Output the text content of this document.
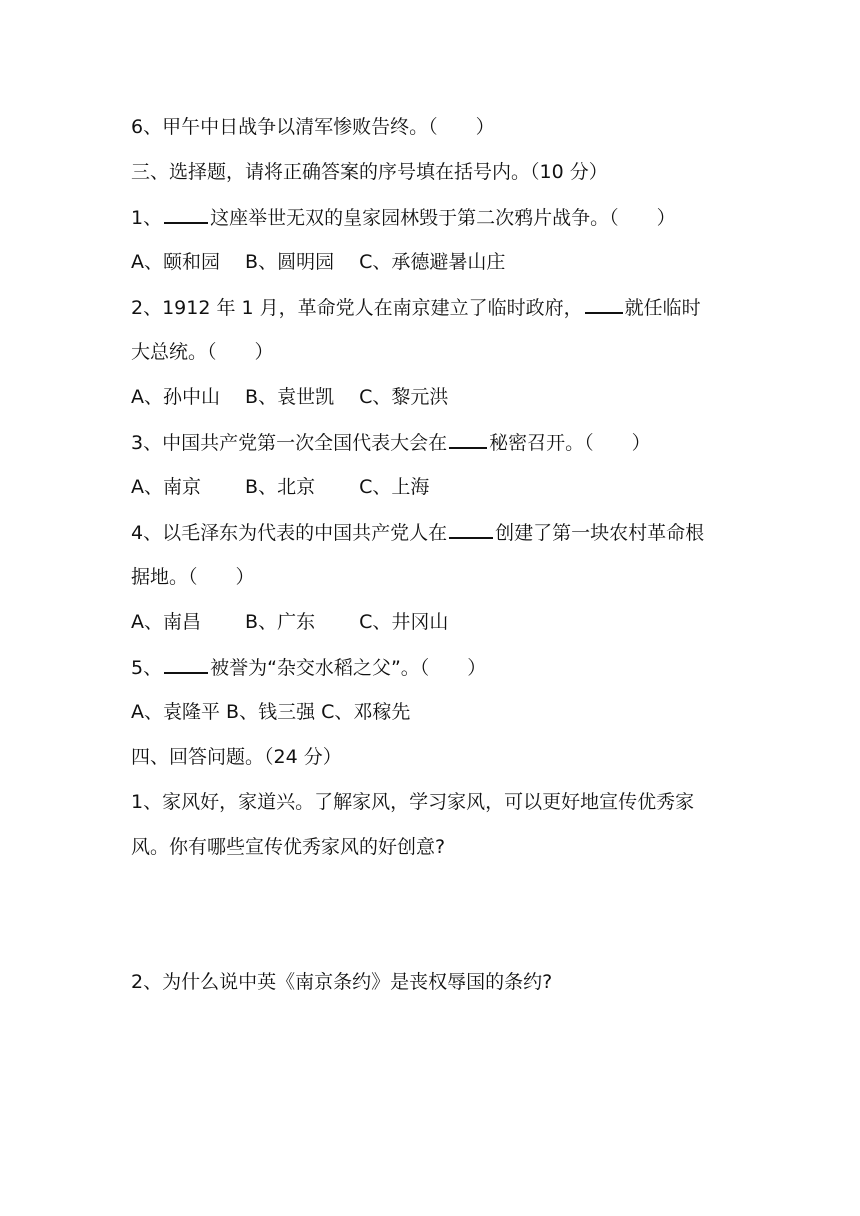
6、甲午中日战争以清军惨败告终。（　　）
三、选择题，请将正确答案的序号填在括号内。（10 分）
1、	这座举世无双的皇家园林毁于第二次鸦片战争。（　　）
A、颐和园　 B、圆明园　 C、承德避暑山庄
2、1912 年 1 月，革命党人在南京建立了临时政府， 就任临时
大总统。（　　）
A、孙中山　 B、袁世凯　 C、黎元洪
3、中国共产党第一次全国代表大会在 秘密召开。（　　）
A、南京　　 B、北京　　 C、上海
4、以毛泽东为代表的中国共产党人在	创建了第一块农村革命根
据地。（　　）
A、南昌　　 B、广东　　 C、井冈山
5、	被誉为“杂交水稻之父”。（　　）
A、袁隆平 B、钱三强 C、邓稼先
四、回答问题。（24 分）
1、家风好，家道兴。了解家风，学习家风，可以更好地宣传优秀家
风。你有哪些宣传优秀家风的好创意?
2、为什么说中英《南京条约》是丧权辱国的条约?
